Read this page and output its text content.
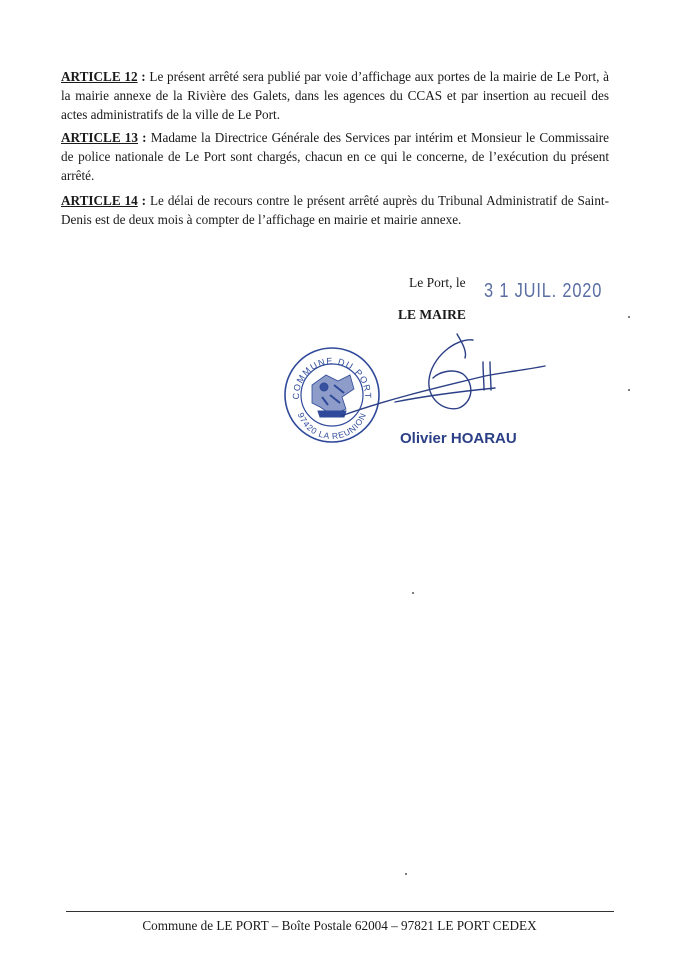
ARTICLE 12 : Le présent arrêté sera publié par voie d’affichage aux portes de la mairie de Le Port, à la mairie annexe de la Rivière des Galets, dans les agences du CCAS et par insertion au recueil des actes administratifs de la ville de Le Port.
ARTICLE 13 : Madame la Directrice Générale des Services par intérim et Monsieur le Commissaire de police nationale de Le Port sont chargés, chacun en ce qui le concerne, de l’exécution du présent arrêté.
ARTICLE 14 : Le délai de recours contre le présent arrêté auprès du Tribunal Administratif de Saint-Denis est de deux mois à compter de l’affichage en mairie et mairie annexe.
Le Port, le 3 1 JUIL. 2020
LE MAIRE
COMMUNE DU PORT
97420 LA REUNION
Olivier HOARAU
Commune de LE PORT – Boîte Postale 62004 – 97821 LE PORT CEDEX
